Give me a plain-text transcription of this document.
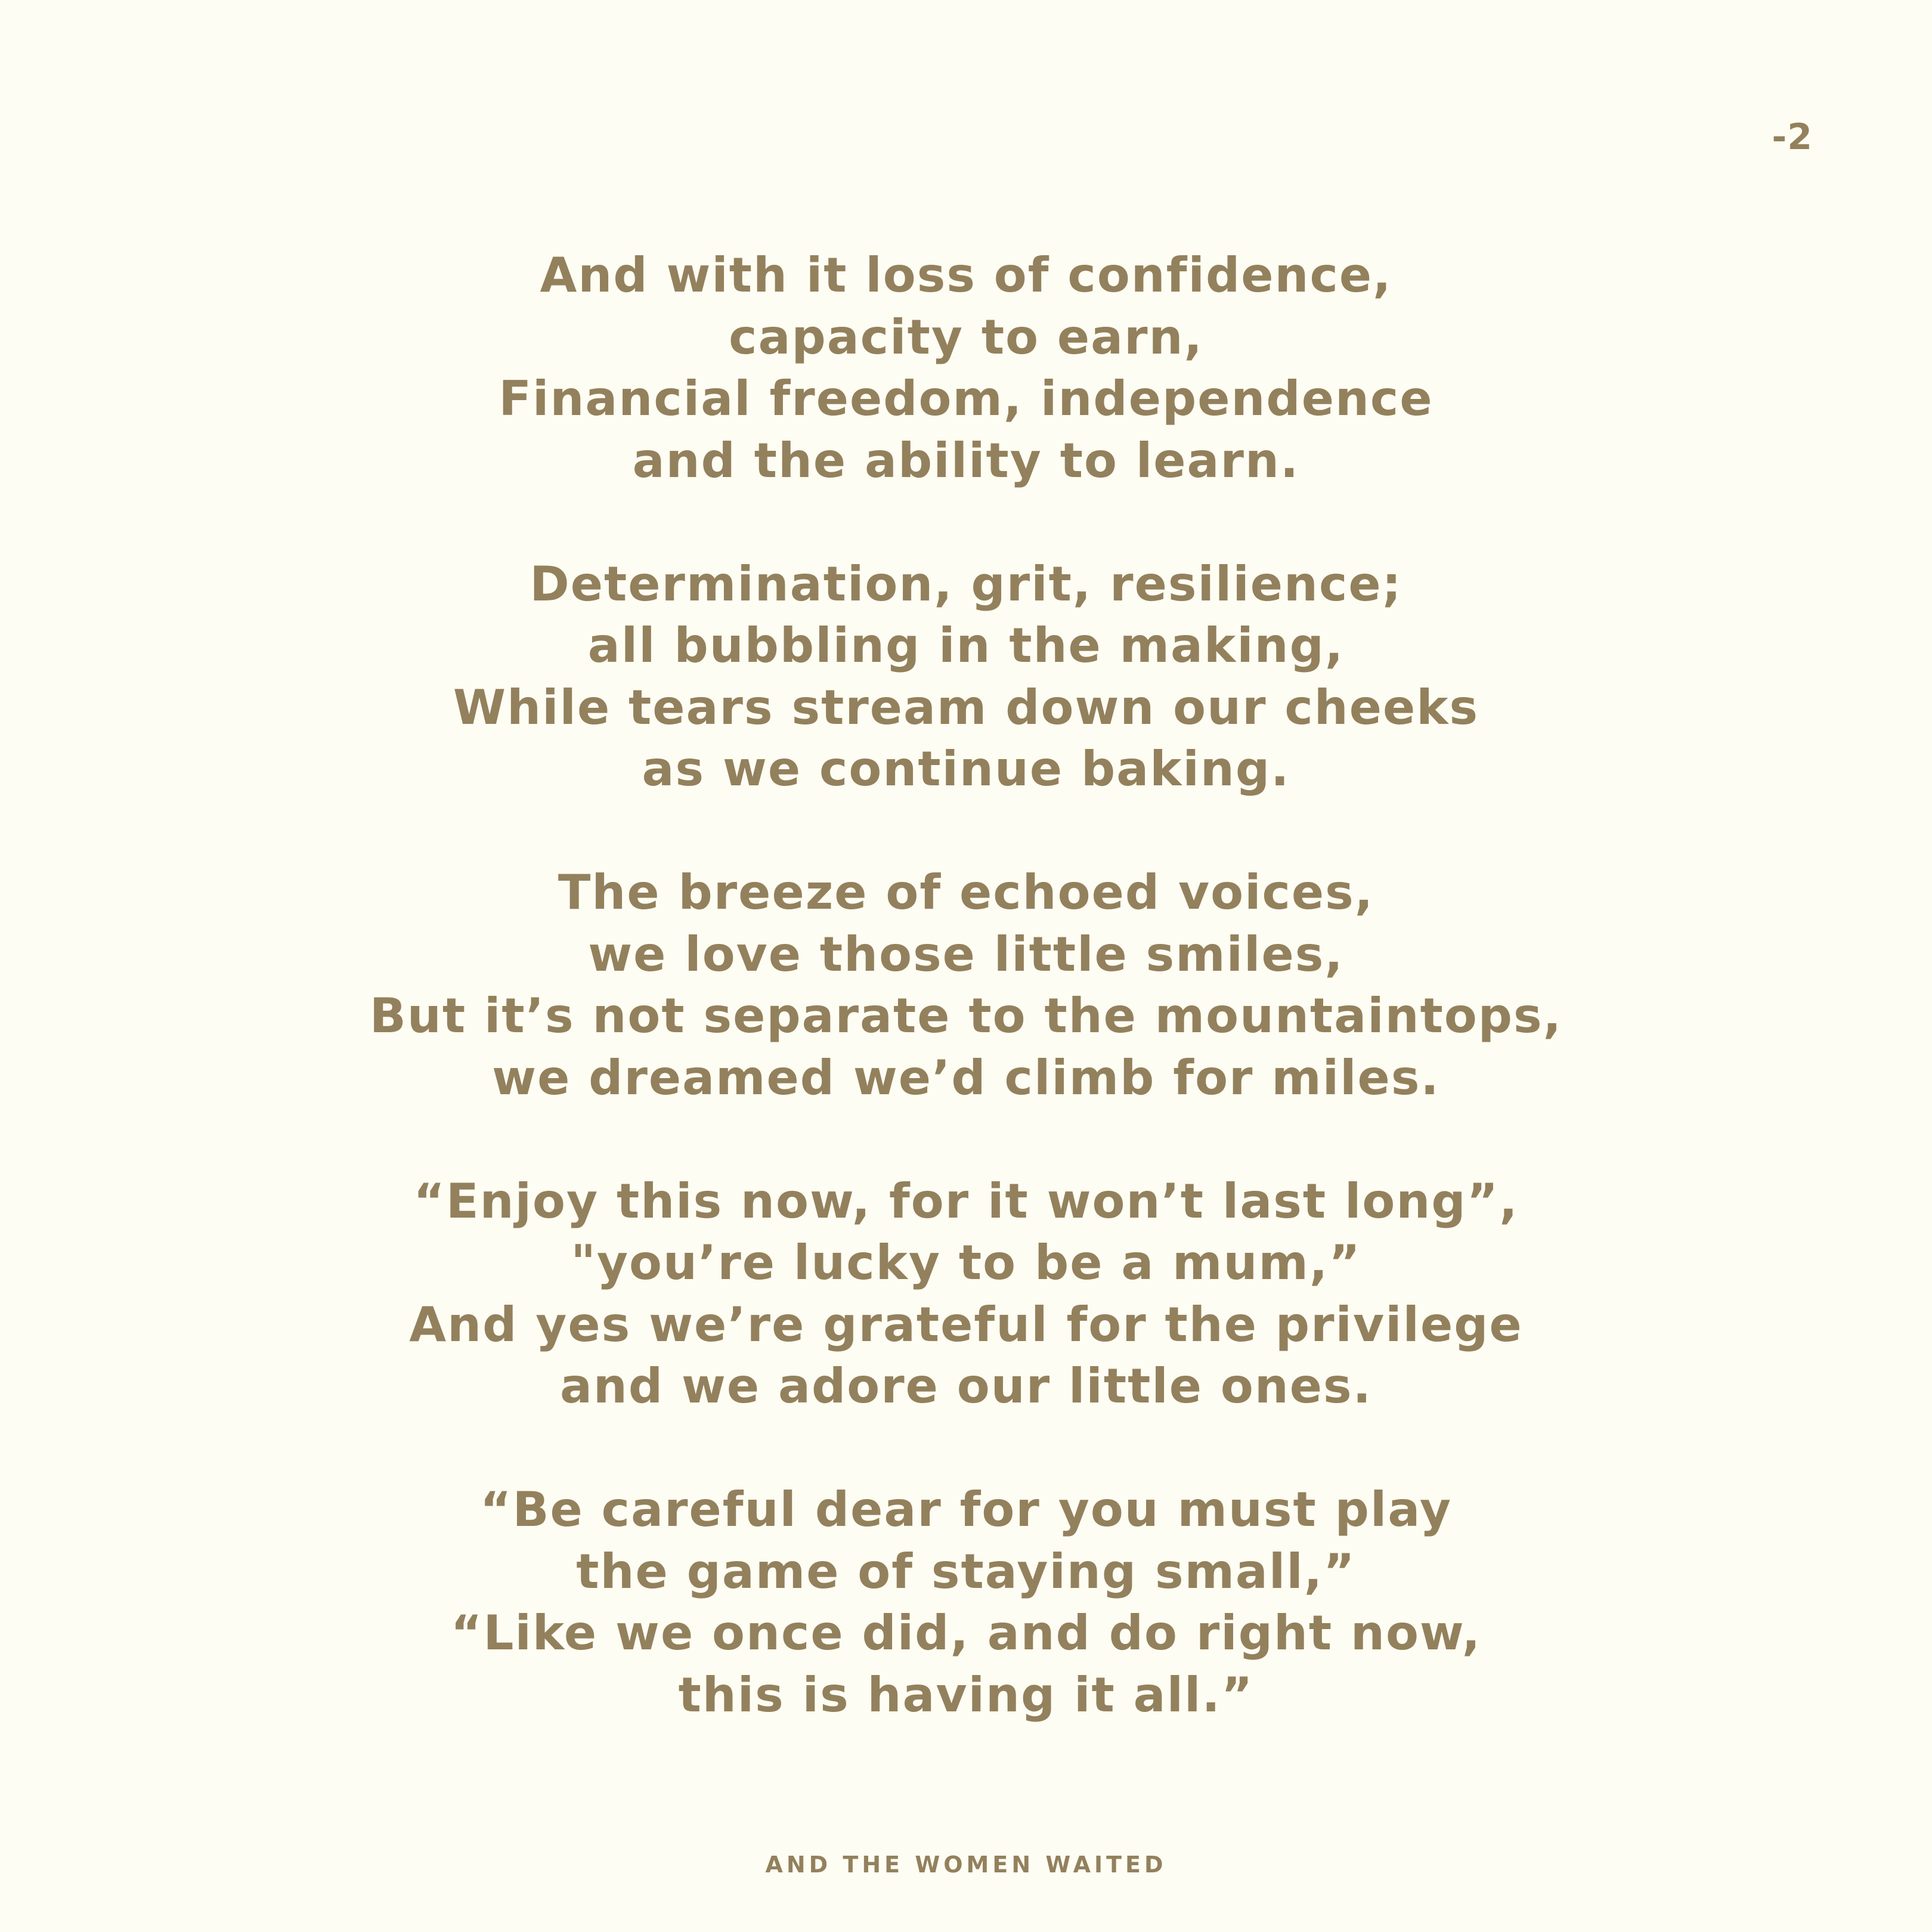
-2
And with it loss of confidence,
capacity to earn,
Financial freedom, independence
and the ability to learn.
Determination, grit, resilience;
all bubbling in the making,
While tears stream down our cheeks
as we continue baking.
The breeze of echoed voices,
we love those little smiles,
But it’s not separate to the mountaintops,
we dreamed we’d climb for miles.
“Enjoy this now, for it won’t last long”,
"you’re lucky to be a mum,”
And yes we’re grateful for the privilege
and we adore our little ones.
“Be careful dear for you must play
the game of staying small,”
“Like we once did, and do right now,
this is having it all.”
AND THE WOMEN WAITED
